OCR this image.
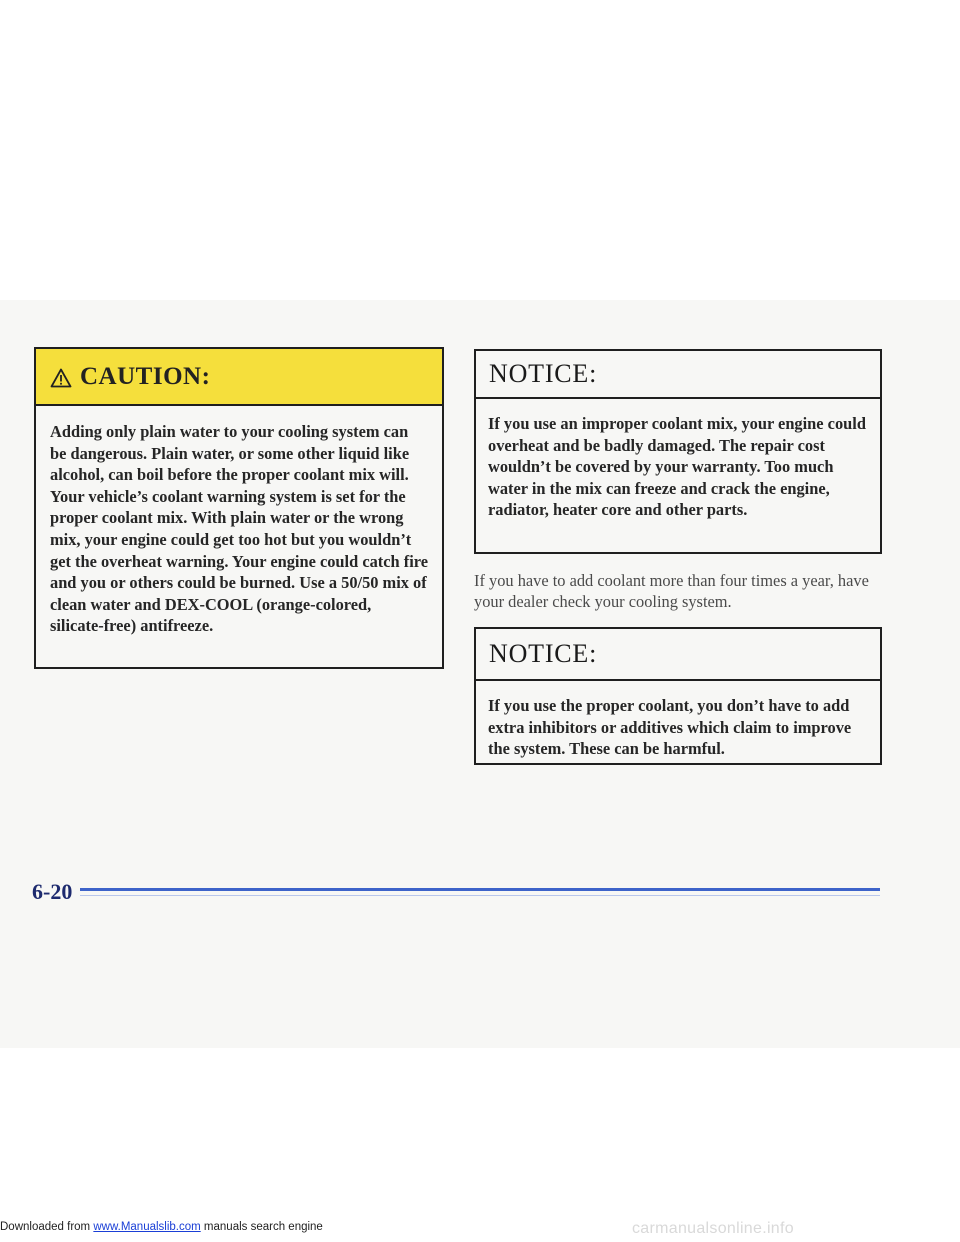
CAUTION:
Adding only plain water to your cooling system can be dangerous. Plain water, or some other liquid like alcohol, can boil before the proper coolant mix will. Your vehicle’s coolant warning system is set for the proper coolant mix. With plain water or the wrong mix, your engine could get too hot but you wouldn’t get the overheat warning. Your engine could catch fire and you or others could be burned. Use a 50/50 mix of clean water and DEX-COOL (orange-colored, silicate-free) antifreeze.
NOTICE:
If you use an improper coolant mix, your engine could overheat and be badly damaged. The repair cost wouldn’t be covered by your warranty. Too much water in the mix can freeze and crack the engine, radiator, heater core and other parts.
If you have to add coolant more than four times a year, have your dealer check your cooling system.
NOTICE:
If you use the proper coolant, you don’t have to add extra inhibitors or additives which claim to improve the system. These can be harmful.
6-20
Downloaded from www.Manualslib.com manuals search engine	carmanualsonline.info
